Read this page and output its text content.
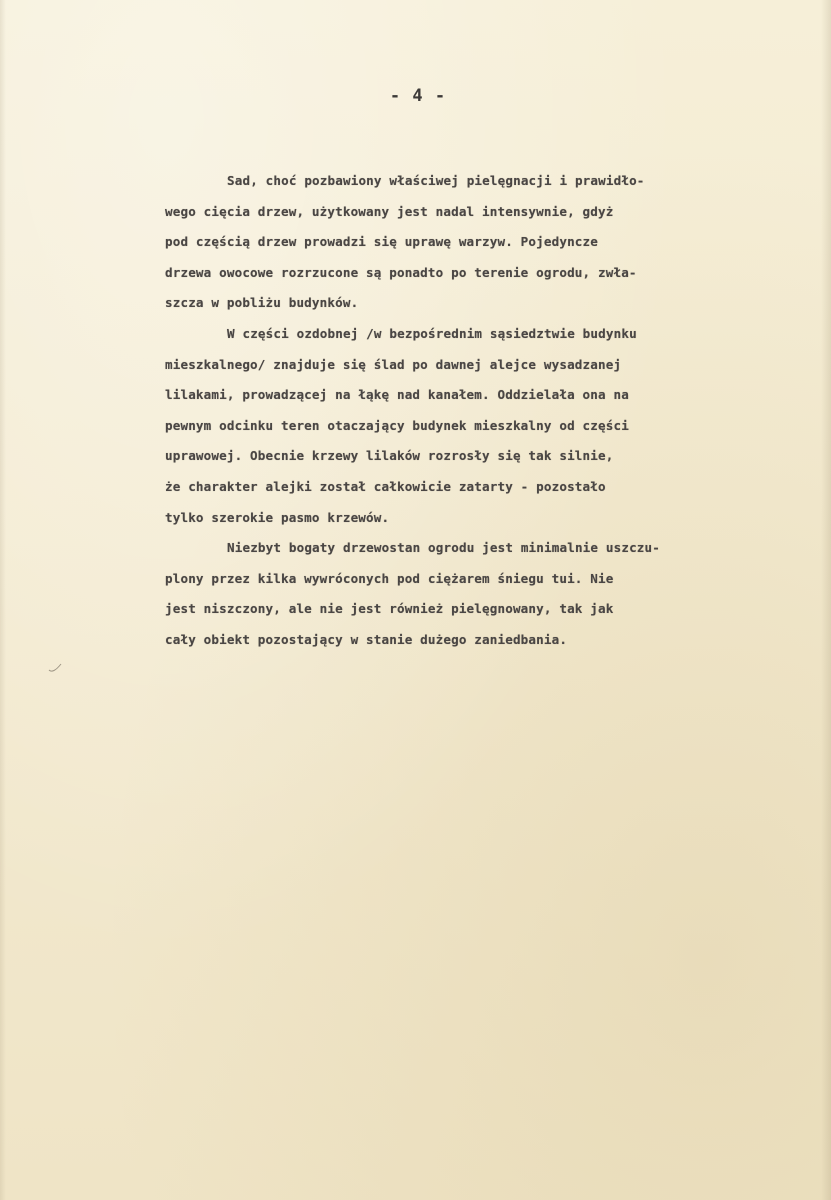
- 4 -
Sad, choć pozbawiony właściwej pielęgnacji i prawidło-
wego cięcia drzew, użytkowany jest nadal intensywnie, gdyż
pod częścią drzew prowadzi się uprawę warzyw. Pojedyncze
drzewa owocowe rozrzucone są ponadto po terenie ogrodu, zwła-
szcza w pobliżu budynków.
W części ozdobnej /w bezpośrednim sąsiedztwie budynku
mieszkalnego/ znajduje się ślad po dawnej alejce wysadzanej
lilakami, prowadzącej na łąkę nad kanałem. Oddzielała ona na
pewnym odcinku teren otaczający budynek mieszkalny od części
uprawowej. Obecnie krzewy lilaków rozrosły się tak silnie,
że charakter alejki został całkowicie zatarty - pozostało
tylko szerokie pasmo krzewów.
Niezbyt bogaty drzewostan ogrodu jest minimalnie uszczu-
plony przez kilka wywróconych pod ciężarem śniegu tui. Nie
jest niszczony, ale nie jest również pielęgnowany, tak jak
cały obiekt pozostający w stanie dużego zaniedbania.
